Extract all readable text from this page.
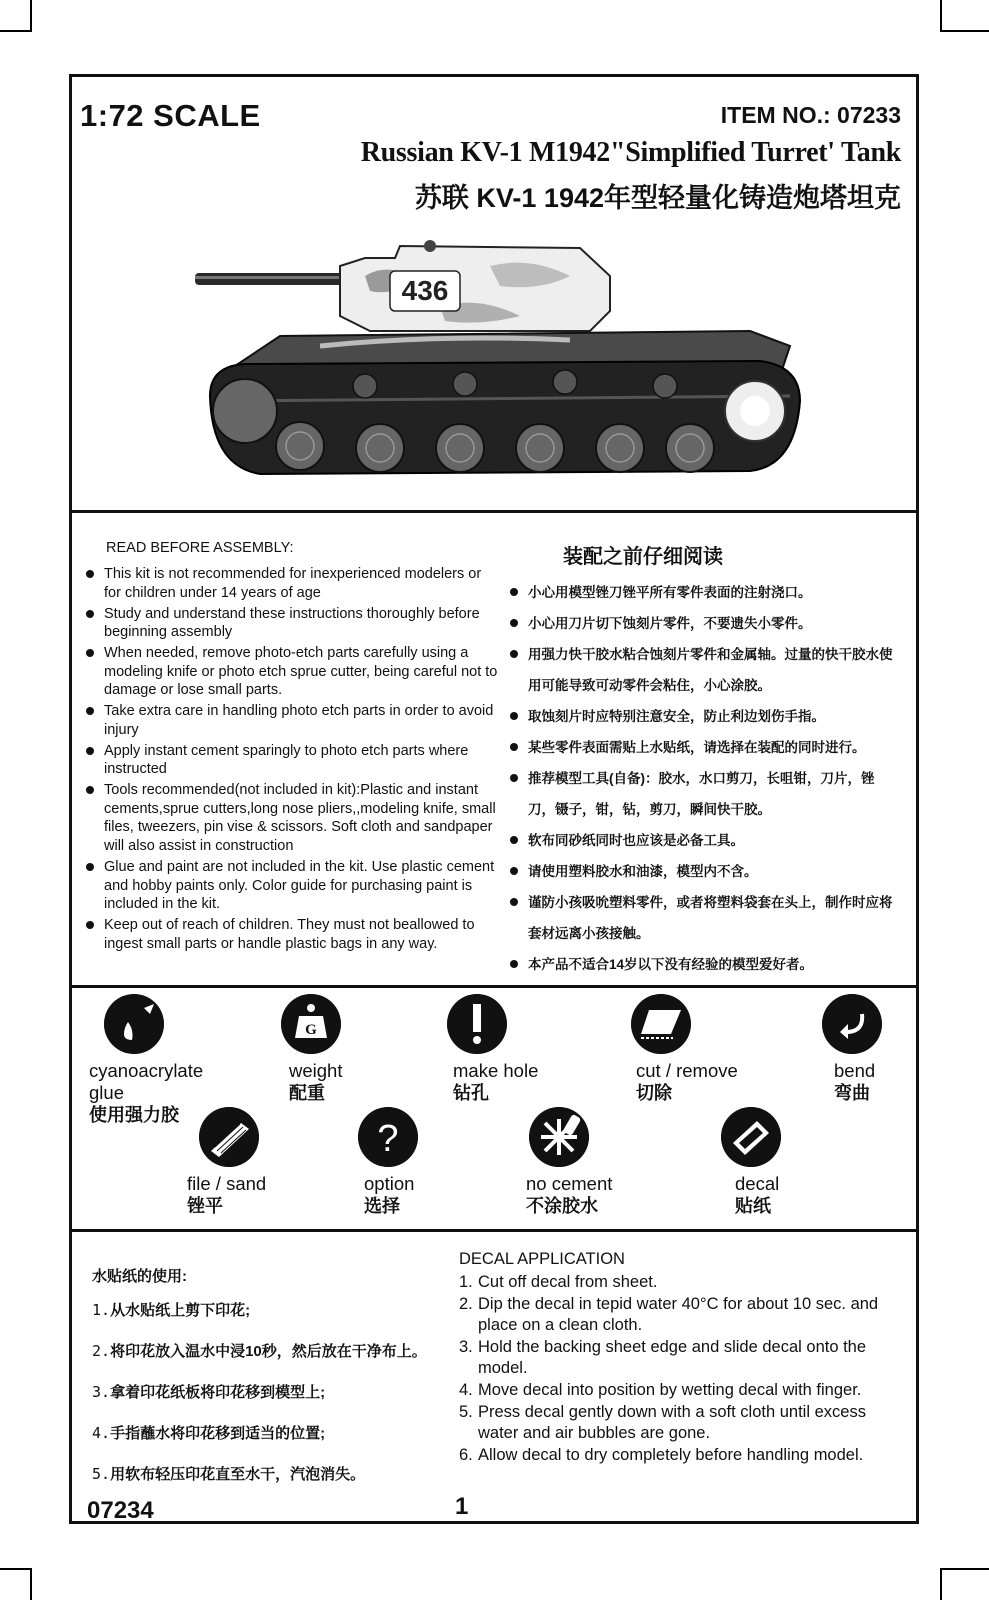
1:72 SCALE	ITEM NO.: 07233
Russian KV-1 M1942"Simplified Turret' Tank
苏联 KV-1 1942年型轻量化铸造炮塔坦克
436
READ BEFORE ASSEMBLY:	装配之前仔细阅读
This kit is not recommended for inexperienced modelers or for children under 14 years of age
Study and understand these instructions thoroughly before beginning assembly
When needed, remove photo-etch parts carefully using a modeling knife or photo etch sprue cutter, being careful not to damage or lose small parts.
Take extra care in handling photo etch parts in order to avoid injury
Apply instant cement sparingly to photo etch parts where instructed
Tools recommended(not included in kit):Plastic and instant cements,sprue cutters,long nose pliers,,modeling knife, small files, tweezers, pin vise & scissors. Soft cloth and sandpaper will also assist in construction
Glue and paint are not included in the kit. Use plastic cement and hobby paints only. Color guide for purchasing paint is included in the kit.
Keep out of reach of children. They must not beallowed to ingest small parts or handle plastic bags in any way.
小心用模型锉刀锉平所有零件表面的注射浇口。
小心用刀片切下蚀刻片零件，不要遗失小零件。
用强力快干胶水粘合蚀刻片零件和金属轴。过量的快干胶水使用可能导致可动零件会粘住，小心涂胶。
取蚀刻片时应特别注意安全，防止利边划伤手指。
某些零件表面需贴上水贴纸，请选择在装配的同时进行。
推荐模型工具(自备)：胶水，水口剪刀，长咀钳，刀片，锉刀，镊子，钳，钻，剪刀，瞬间快干胶。
软布同砂纸同时也应该是必备工具。
请使用塑料胶水和油漆，模型内不含。
谨防小孩吸吮塑料零件，或者将塑料袋套在头上，制作时应将套材远离小孩接触。
本产品不适合14岁以下没有经验的模型爱好者。
cyanoacrylate glue
使用强力胶
G
weight
配重
make hole
钻孔
cut / remove
切除
bend
弯曲
file / sand
锉平
?
option
选择
no cement
不涂胶水
decal
贴纸
水贴纸的使用:
1.从水贴纸上剪下印花;
2.将印花放入温水中浸10秒，然后放在干净布上。
3.拿着印花纸板将印花移到模型上;
4.手指蘸水将印花移到适当的位置;
5.用软布轻压印花直至水干，汽泡消失。
DECAL APPLICATION
1. Cut off decal from sheet.
2. Dip the decal in tepid water 40°C for about 10 sec. and place on a clean cloth.
3. Hold the backing sheet edge and slide decal onto the model.
4. Move decal into position by wetting decal with finger.
5. Press decal gently down with a soft cloth until excess water and air bubbles are gone.
6. Allow decal to dry completely before handling model.
07234	1
